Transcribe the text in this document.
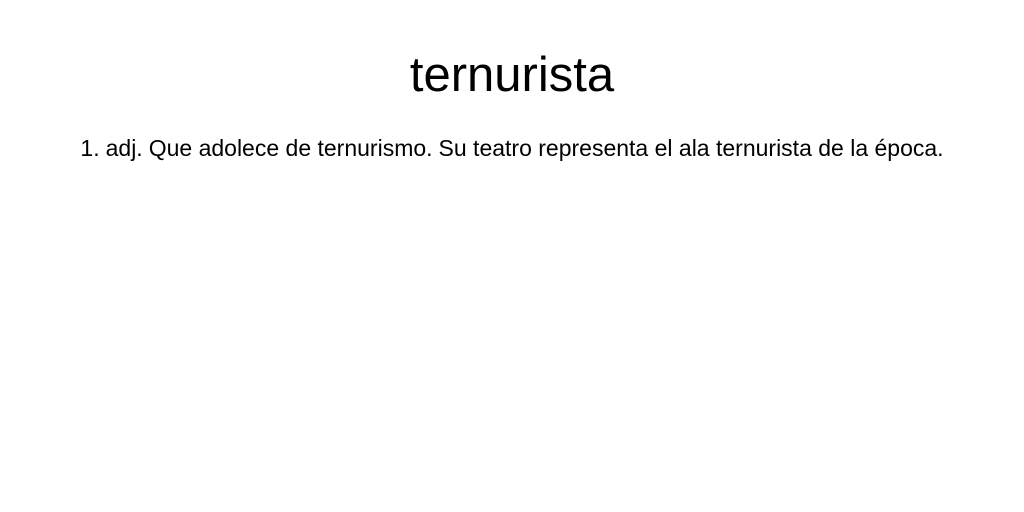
ternurista

1. adj. Que adolece de ternurismo. Su teatro representa el ala ternurista de la época.
